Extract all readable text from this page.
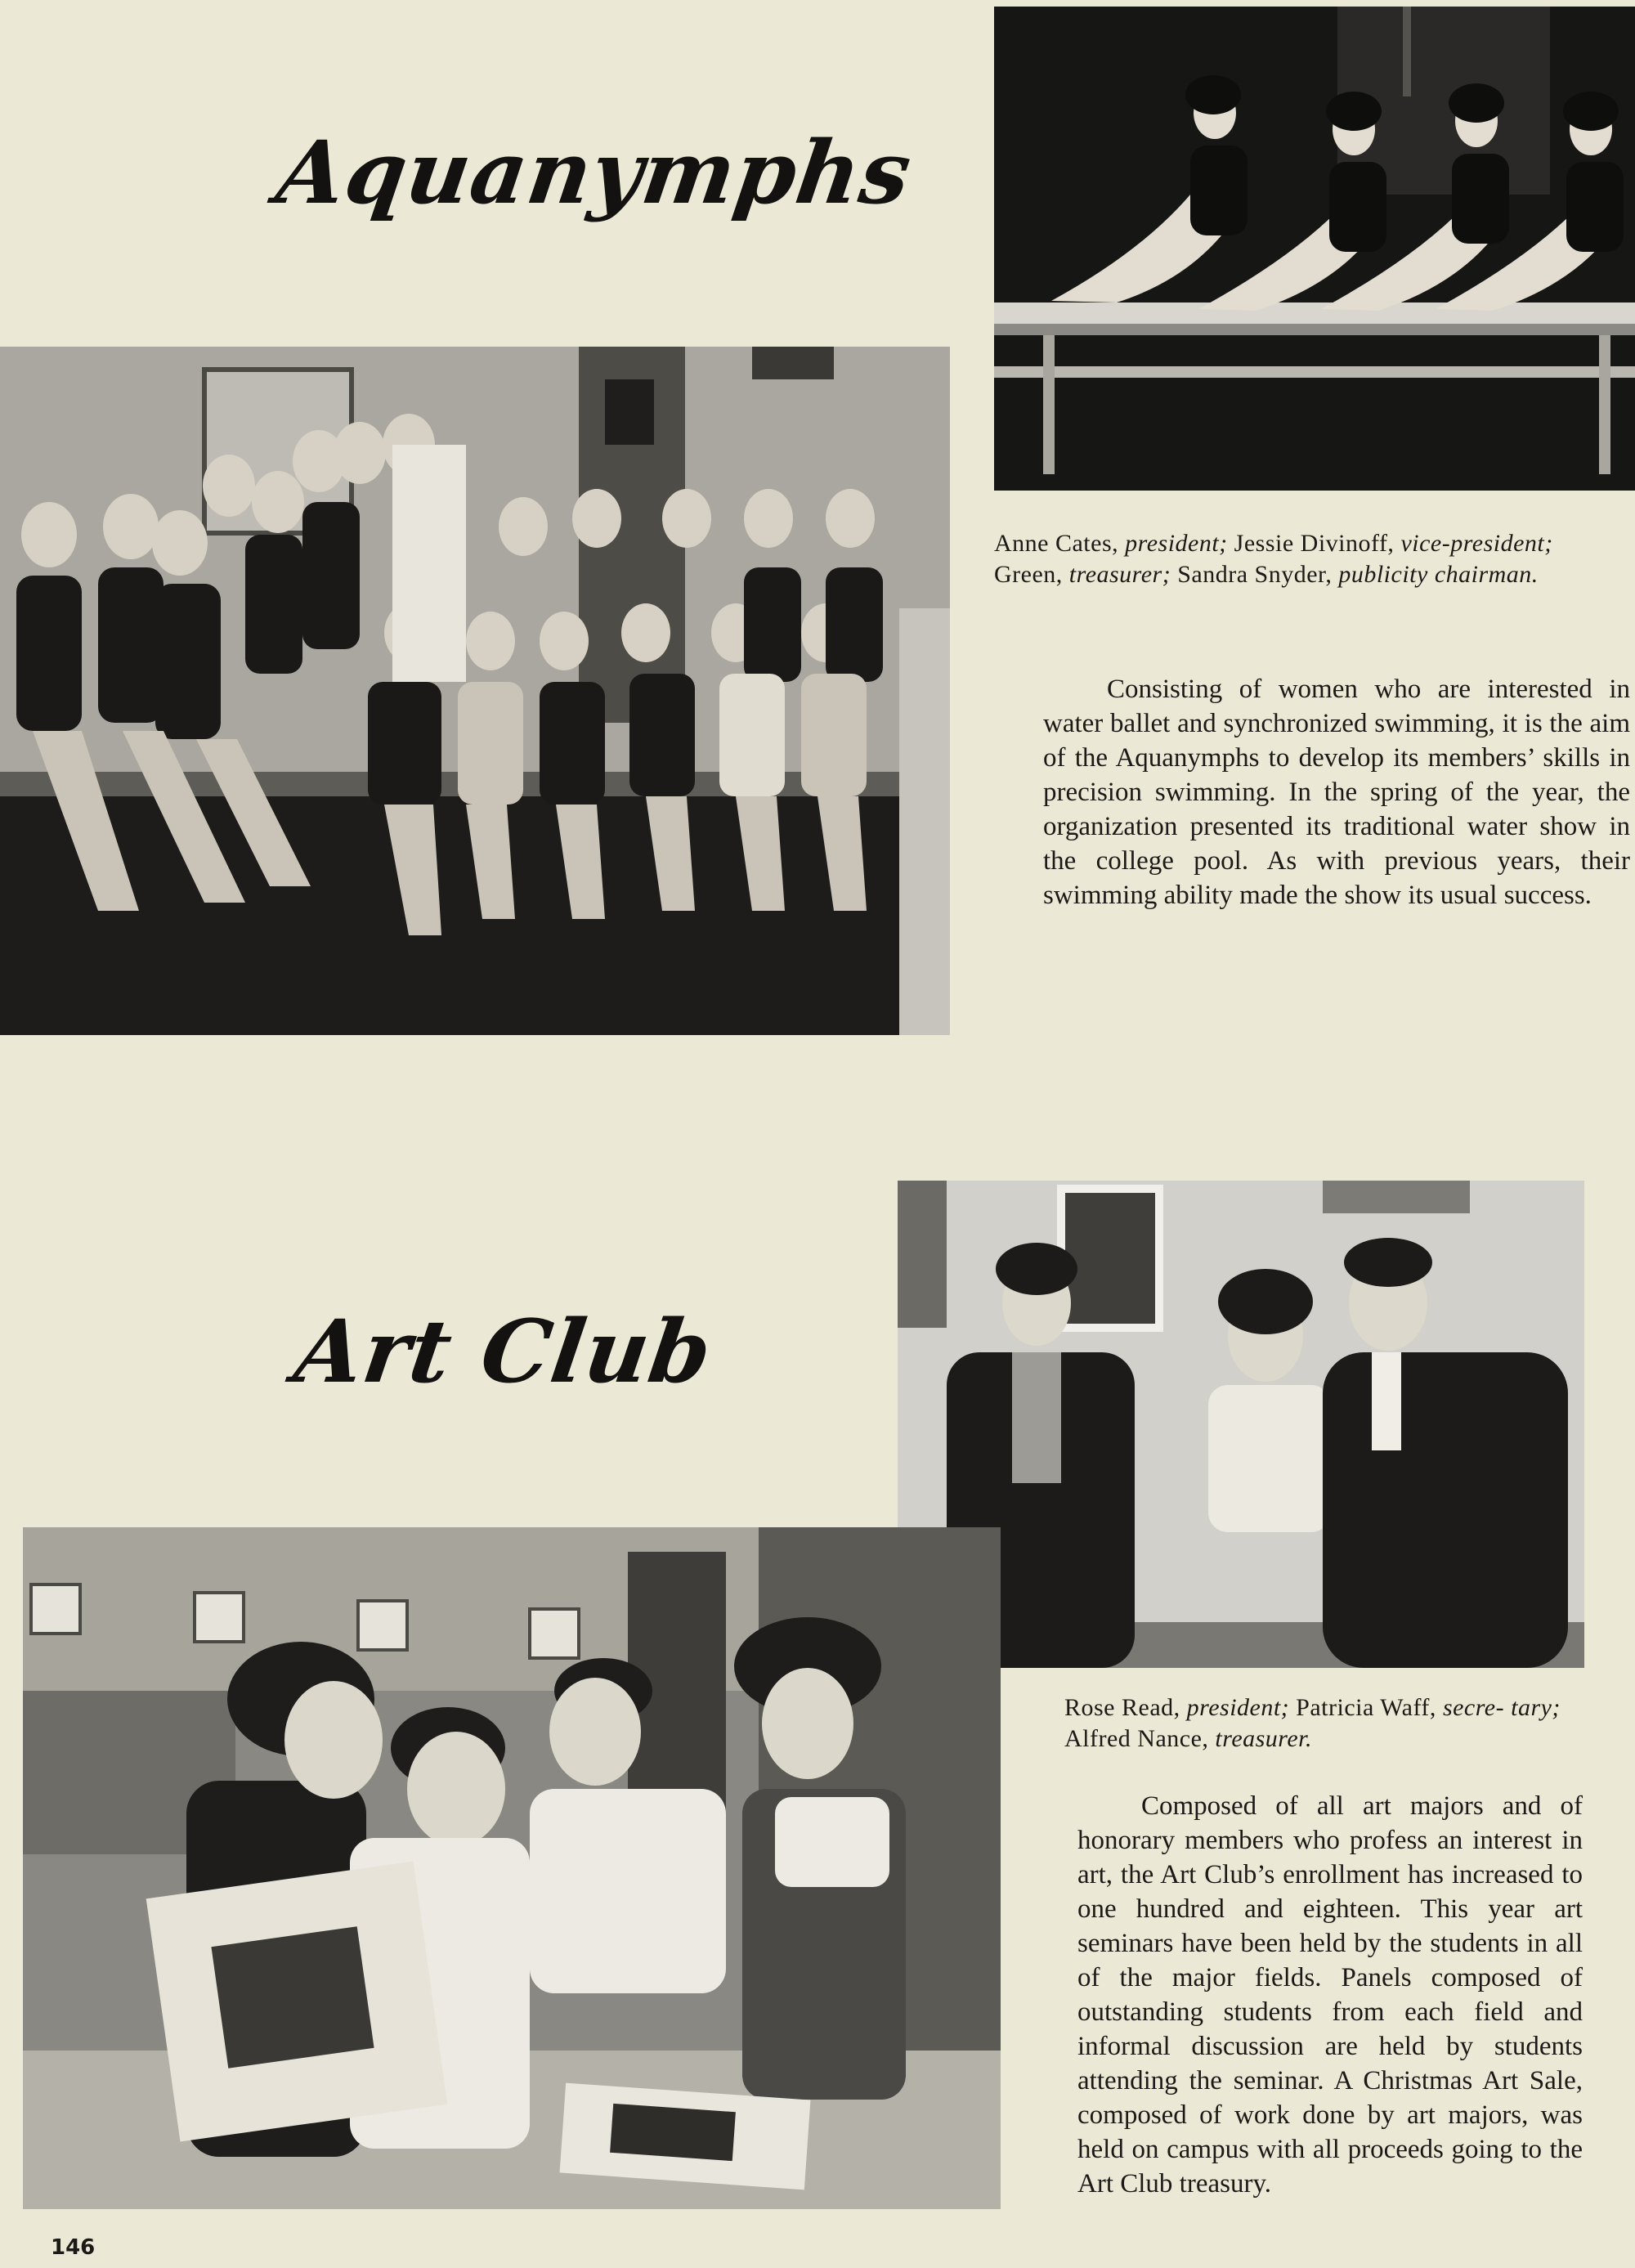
Aquanymphs
Anne Cates, president; Jessie Divinoff, vice-president;
Green, treasurer; Sandra Snyder, publicity chairman.
Consisting of women who are interested in water ballet and synchronized swimming, it is the aim of the Aquanymphs to develop its members’ skills in precision swimming. In the spring of the year, the organization presented its traditional water show in the college pool. As with previous years, their swimming ability made the show its usual success.
Art Club
Rose Read, president; Patricia Waff, secre- tary; Alfred Nance, treasurer.
Composed of all art majors and of honorary members who profess an interest in art, the Art Club’s enrollment has increased to one hundred and eighteen. This year art seminars have been held by the students in all of the major fields. Panels composed of outstanding students from each field and informal discussion are held by students attending the seminar. A Christmas Art Sale, composed of work done by art majors, was held on campus with all proceeds going to the Art Club treasury.
146
